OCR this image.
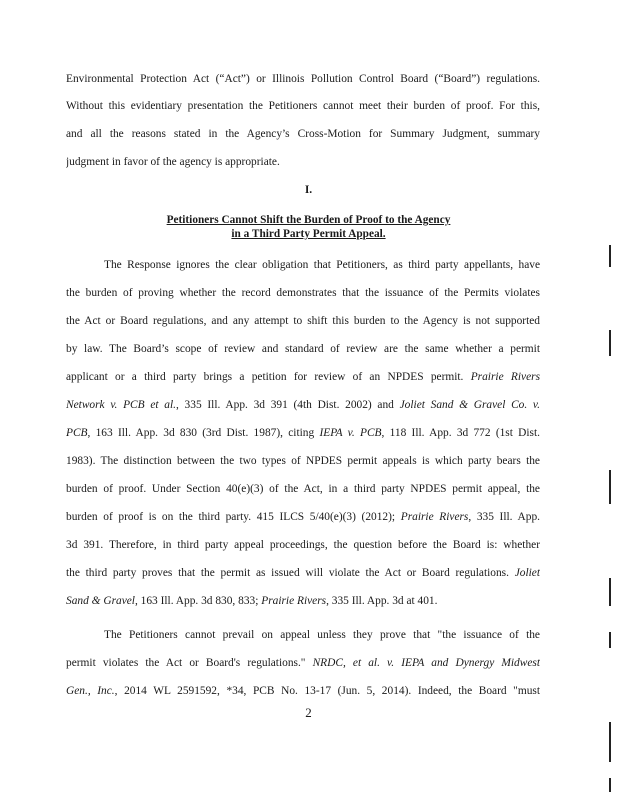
Environmental Protection Act (“Act”) or Illinois Pollution Control Board (“Board”) regulations.
Without this evidentiary presentation the Petitioners cannot meet their burden of proof. For this,
and all the reasons stated in the Agency’s Cross-Motion for Summary Judgment, summary
judgment in favor of the agency is appropriate.
I.
Petitioners Cannot Shift the Burden of Proof to the Agency
in a Third Party Permit Appeal.
The Response ignores the clear obligation that Petitioners, as third party appellants, have
the burden of proving whether the record demonstrates that the issuance of the Permits violates
the Act or Board regulations, and any attempt to shift this burden to the Agency is not supported
by law. The Board’s scope of review and standard of review are the same whether a permit
applicant or a third party brings a petition for review of an NPDES permit. Prairie Rivers
Network v. PCB et al., 335 Ill. App. 3d 391 (4th Dist. 2002) and Joliet Sand & Gravel Co. v.
PCB, 163 Ill. App. 3d 830 (3rd Dist. 1987), citing IEPA v. PCB, 118 Ill. App. 3d 772 (1st Dist.
1983). The distinction between the two types of NPDES permit appeals is which party bears the
burden of proof. Under Section 40(e)(3) of the Act, in a third party NPDES permit appeal, the
burden of proof is on the third party. 415 ILCS 5/40(e)(3) (2012); Prairie Rivers, 335 Ill. App.
3d 391. Therefore, in third party appeal proceedings, the question before the Board is: whether
the third party proves that the permit as issued will violate the Act or Board regulations. Joliet
Sand & Gravel, 163 Ill. App. 3d 830, 833; Prairie Rivers, 335 Ill. App. 3d at 401.
The Petitioners cannot prevail on appeal unless they prove that "the issuance of the
permit violates the Act or Board's regulations." NRDC, et al. v. IEPA and Dynergy Midwest
Gen., Inc., 2014 WL 2591592, *34, PCB No. 13-17 (Jun. 5, 2014). Indeed, the Board "must
2
